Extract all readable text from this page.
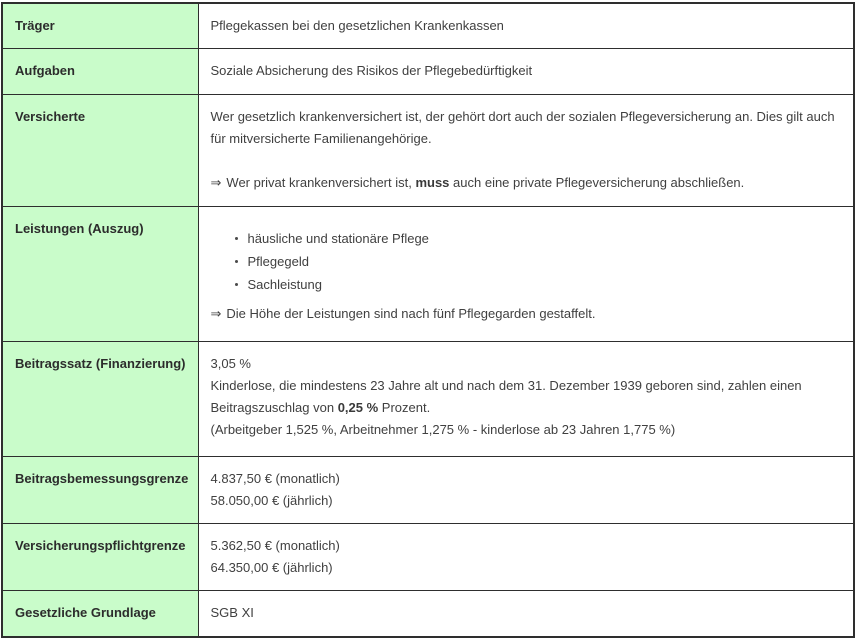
Träger	Pflegekassen bei den gesetzlichen Krankenkassen

Aufgaben	Soziale Absicherung des Risikos der Pflegebedürftigkeit

Versicherte	Wer gesetzlich krankenversichert ist, der gehört dort auch der sozialen Pflegeversicherung an. Dies gilt auch für mitversicherte Familienangehörige.
⇒ Wer privat krankenversichert ist, muss auch eine private Pflegeversicherung abschließen.

Leistungen (Auszug)	
häusliche und stationäre Pflege
Pflegegeld
Sachleistung
⇒ Die Höhe der Leistungen sind nach fünf Pflegegarden gestaffelt.

Beitragssatz (Finanzierung)	3,05 %
Kinderlose, die mindestens 23 Jahre alt und nach dem 31. Dezember 1939 geboren sind, zahlen einen Beitragszuschlag von 0,25 % Prozent.
(Arbeitgeber 1,525 %, Arbeitnehmer 1,275 % - kinderlose ab 23 Jahren 1,775 %)

Beitragsbemessungsgrenze	4.837,50 € (monatlich)
58.050,00 € (jährlich)

Versicherungspflichtgrenze	5.362,50 € (monatlich)
64.350,00 € (jährlich)

Gesetzliche Grundlage	SGB XI
